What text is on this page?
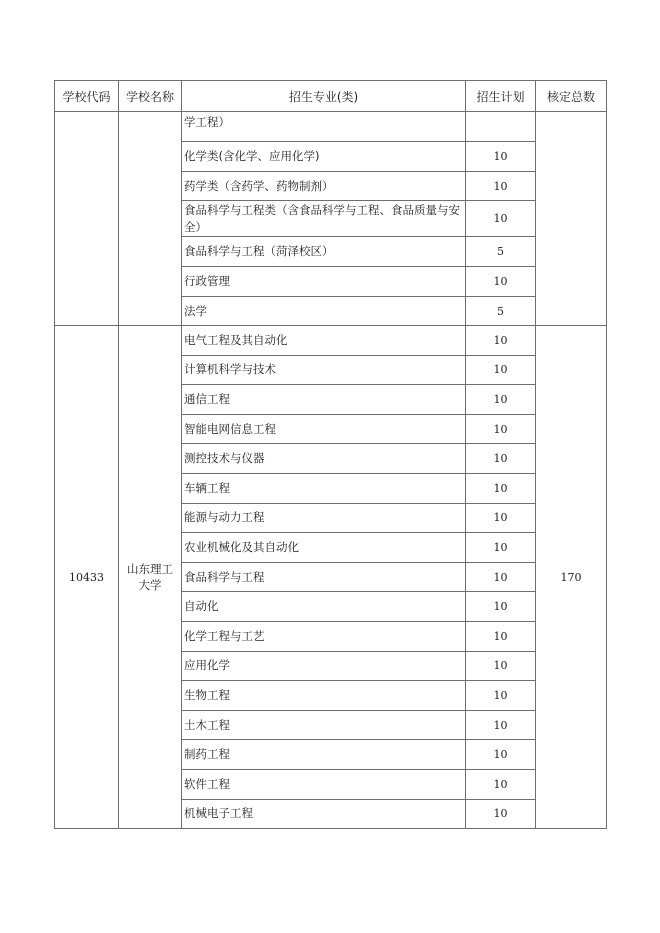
学校代码	学校名称	招生专业(类)	招生计划	核定总数
		学工程）		
		化学类(含化学、应用化学)	10	
		药学类（含药学、药物制剂）	10	
		食品科学与工程类（含食品科学与工程、食品质量与安全）	10	
		食品科学与工程（菏泽校区）	5	
		行政管理	10	
		法学	5	
10433	山东理工大学	电气工程及其自动化	10	170
		计算机科学与技术	10	
		通信工程	10	
		智能电网信息工程	10	
		测控技术与仪器	10	
		车辆工程	10	
		能源与动力工程	10	
		农业机械化及其自动化	10	
		食品科学与工程	10	
		自动化	10	
		化学工程与工艺	10	
		应用化学	10	
		生物工程	10	
		土木工程	10	
		制药工程	10	
		软件工程	10	
		机械电子工程	10	
